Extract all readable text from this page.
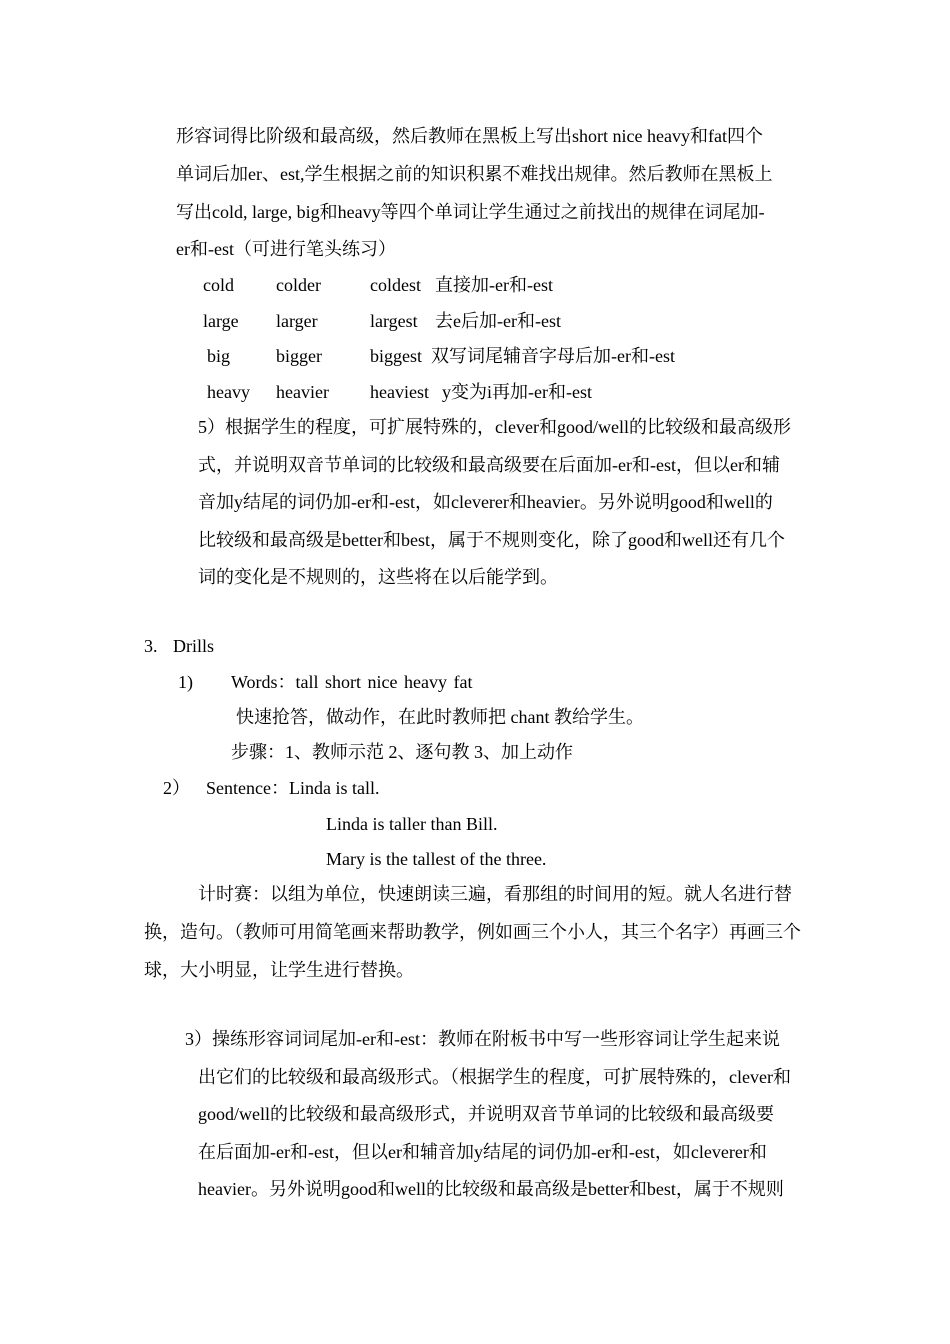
形容词得比阶级和最高级，然后教师在黑板上写出short nice heavy和fat四个
单词后加er、est,学生根据之前的知识积累不难找出规律。然后教师在黑板上
写出cold, large, big和heavy等四个单词让学生通过之前找出的规律在词尾加-
er和-est（可进行笔头练习）
cold colder	coldest 直接加-er和-est
large larger	largest 去e后加-er和-est
big	bigger	biggest 双写词尾辅音字母后加-er和-est
heavy heavier heaviest y变为i再加-er和-est
5）根据学生的程度，可扩展特殊的，clever和good/well的比较级和最高级形
式，并说明双音节单词的比较级和最高级要在后面加-er和-est，但以er和辅
音加y结尾的词仍加-er和-est，如cleverer和heavier。另外说明good和well的
比较级和最高级是better和best，属于不规则变化，除了good和well还有几个
词的变化是不规则的，这些将在以后能学到。
3. Drills
1) Words：tall short nice heavy fat
快速抢答，做动作，在此时教师把 chant 教给学生。
步骤：1、教师示范 2、逐句教 3、加上动作
2） Sentence：Linda is tall.
Linda is taller than Bill.
Mary is the tallest of the three.
计时赛：以组为单位，快速朗读三遍，看那组的时间用的短。就人名进行替
换，造句。（教师可用简笔画来帮助教学，例如画三个小人，其三个名字）再画三个
球，大小明显，让学生进行替换。
3）操练形容词词尾加-er和-est：教师在附板书中写一些形容词让学生起来说
出它们的比较级和最高级形式。（根据学生的程度，可扩展特殊的，clever和
good/well的比较级和最高级形式，并说明双音节单词的比较级和最高级要
在后面加-er和-est，但以er和辅音加y结尾的词仍加-er和-est，如cleverer和
heavier。另外说明good和well的比较级和最高级是better和best，属于不规则
